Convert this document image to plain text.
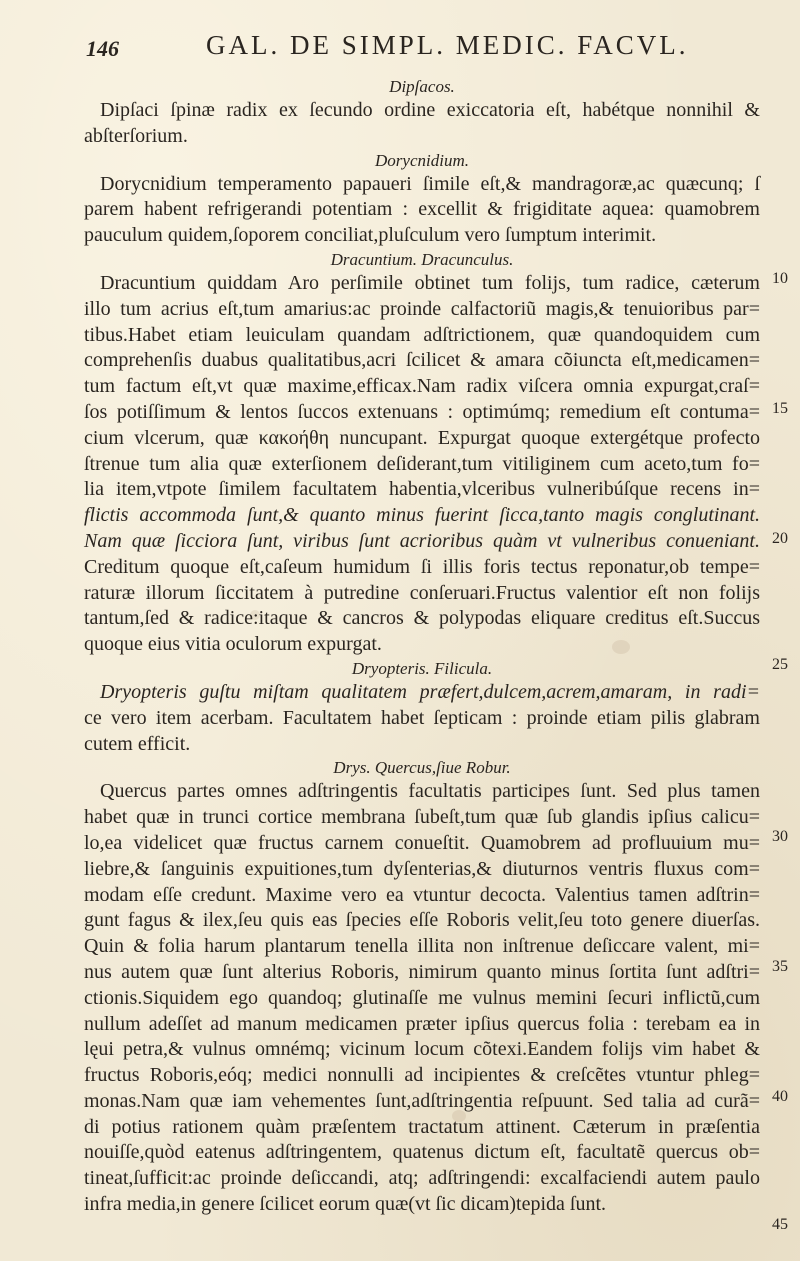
146	GAL. DE SIMPL. MEDIC. FACVL.
Dipſacos.
Dipſaci ſpinæ radix ex ſecundo ordine exiccatoria eſt, habétque nonnihil &
abſterſorium.
Dorycnidium.
Dorycnidium temperamento papaueri ſimile eſt,& mandragoræ,ac quæcunq; ſ
parem habent refrigerandi potentiam : excellit & frigiditate aquea: quamobrem
pauculum quidem,ſoporem conciliat,pluſculum vero ſumptum interimit.
Dracuntium. Dracunculus.
Dracuntium quiddam Aro perſimile obtinet tum folijs, tum radice, cæterum
illo tum acrius eſt,tum amarius:ac proinde calfactoriũ magis,& tenuioribus par=
tibus.Habet etiam leuiculam quandam adſtrictionem, quæ quandoquidem cum
comprehenſis duabus qualitatibus,acri ſcilicet & amara cõiuncta eſt,medicamen=
tum factum eſt,vt quæ maxime,efficax.Nam radix viſcera omnia expurgat,craſ=
ſos potiſſimum & lentos ſuccos extenuans : optimúmq; remedium eſt contuma=
cium vlcerum, quæ κακοήθη nuncupant. Expurgat quoque extergétque profecto
ſtrenue tum alia quæ exterſionem deſiderant,tum vitiliginem cum aceto,tum fo=
lia item,vtpote ſimilem facultatem habentia,vlceribus vulneribúſque recens in=
flictis accommoda ſunt,& quanto minus fuerint ſicca,tanto magis conglutinant.
Nam quæ ſicciora ſunt, viribus ſunt acrioribus quàm vt vulneribus conueniant.
Creditum quoque eſt,caſeum humidum ſi illis foris tectus reponatur,ob tempe=
raturæ illorum ſiccitatem à putredine conſeruari.Fructus valentior eſt non folijs
tantum,ſed & radice:itaque & cancros & polypodas eliquare creditus eſt.Succus
quoque eius vitia oculorum expurgat.
Dryopteris. Filicula.
Dryopteris guſtu miſtam qualitatem præfert,dulcem,acrem,amaram, in radi=
ce vero item acerbam. Facultatem habet ſepticam : proinde etiam pilis glabram
cutem efficit.
Drys. Quercus,ſiue Robur.
Quercus partes omnes adſtringentis facultatis participes ſunt. Sed plus tamen
habet quæ in trunci cortice membrana ſubeſt,tum quæ ſub glandis ipſius calicu=
lo,ea videlicet quæ fructus carnem conueſtit. Quamobrem ad profluuium mu=
liebre,& ſanguinis expuitiones,tum dyſenterias,& diuturnos ventris fluxus com=
modam eſſe credunt. Maxime vero ea vtuntur decocta. Valentius tamen adſtrin=
gunt fagus & ilex,ſeu quis eas ſpecies eſſe Roboris velit,ſeu toto genere diuerſas.
Quin & folia harum plantarum tenella illita non inſtrenue deſiccare valent, mi=
nus autem quæ ſunt alterius Roboris, nimirum quanto minus ſortita ſunt adſtri=
ctionis.Siquidem ego quandoq; glutinaſſe me vulnus memini ſecuri inflictũ,cum
nullum adeſſet ad manum medicamen præter ipſius quercus folia : terebam ea in
lęui petra,& vulnus omnémq; vicinum locum cõtexi.Eandem folijs vim habet &
fructus Roboris,eóq; medici nonnulli ad incipientes & creſcẽtes vtuntur phleg=
monas.Nam quæ iam vehementes ſunt,adſtringentia reſpuunt. Sed talia ad curã=
di potius rationem quàm præſentem tractatum attinent. Cæterum in præſentia
nouiſſe,quòd eatenus adſtringentem, quatenus dictum eſt, facultatẽ quercus ob=
tineat,ſufficit:ac proinde deſiccandi, atq; adſtringendi: excalfaciendi autem paulo
infra media,in genere ſcilicet eorum quæ(vt ſic dicam)tepida ſunt.
10
15
20
25
30
35
40
45
